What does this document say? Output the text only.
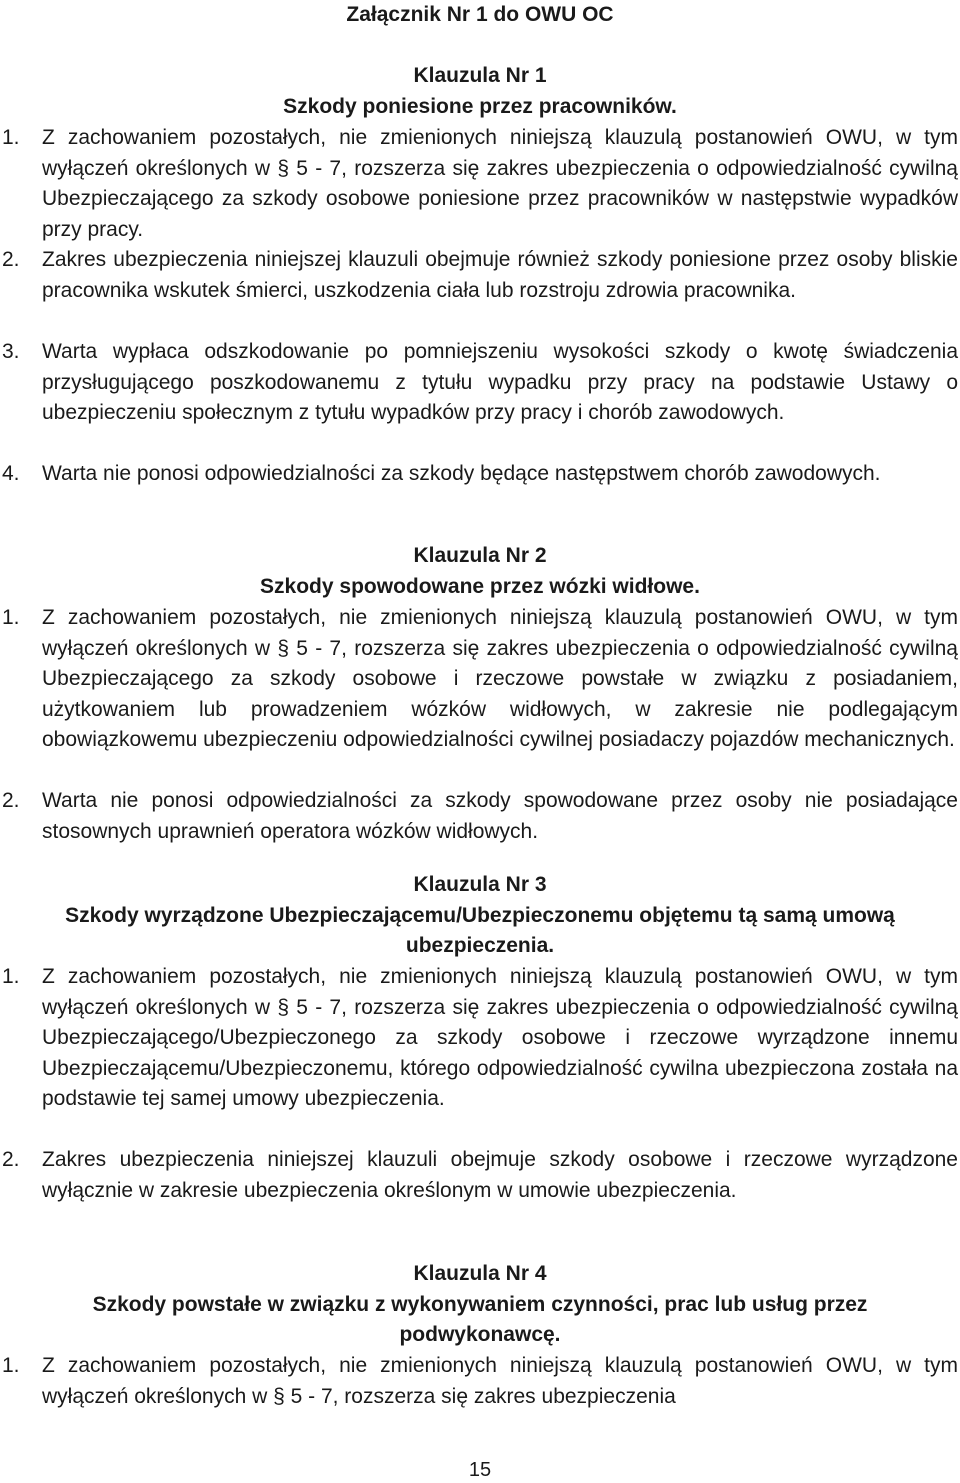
Załącznik Nr 1 do OWU OC
Klauzula Nr 1
Szkody poniesione przez pracowników.
1. Z zachowaniem pozostałych, nie zmienionych niniejszą klauzulą postanowień OWU, w tym wyłączeń określonych w § 5 - 7, rozszerza się zakres ubezpieczenia o odpowiedzialność cywilną Ubezpieczającego za szkody osobowe poniesione przez pracowników w następstwie wypadków przy pracy.
2. Zakres ubezpieczenia niniejszej klauzuli obejmuje również szkody poniesione przez osoby bliskie pracownika wskutek śmierci, uszkodzenia ciała lub rozstroju zdrowia pracownika.
3. Warta wypłaca odszkodowanie po pomniejszeniu wysokości szkody o kwotę świadczenia przysługującego poszkodowanemu z tytułu wypadku przy pracy na podstawie Ustawy o ubezpieczeniu społecznym z tytułu wypadków przy pracy i chorób zawodowych.
4. Warta nie ponosi odpowiedzialności za szkody będące następstwem chorób zawodowych.
Klauzula Nr 2
Szkody spowodowane przez wózki widłowe.
1. Z zachowaniem pozostałych, nie zmienionych niniejszą klauzulą postanowień OWU, w tym wyłączeń określonych w § 5 - 7, rozszerza się zakres ubezpieczenia o odpowiedzialność cywilną Ubezpieczającego za szkody osobowe i rzeczowe powstałe w związku z posiadaniem, użytkowaniem lub prowadzeniem wózków widłowych, w zakresie nie podlegającym obowiązkowemu ubezpieczeniu odpowiedzialności cywilnej posiadaczy pojazdów mechanicznych.
2. Warta nie ponosi odpowiedzialności za szkody spowodowane przez osoby nie posiadające stosownych uprawnień operatora wózków widłowych.
Klauzula Nr 3
Szkody wyrządzone Ubezpieczającemu/Ubezpieczonemu objętemu tą samą umową ubezpieczenia.
1. Z zachowaniem pozostałych, nie zmienionych niniejszą klauzulą postanowień OWU, w tym wyłączeń określonych w § 5 - 7, rozszerza się zakres ubezpieczenia o odpowiedzialność cywilną Ubezpieczającego/Ubezpieczonego za szkody osobowe i rzeczowe wyrządzone innemu Ubezpieczającemu/Ubezpieczonemu, którego odpowiedzialność cywilna ubezpieczona została na podstawie tej samej umowy ubezpieczenia.
2. Zakres ubezpieczenia niniejszej klauzuli obejmuje szkody osobowe i rzeczowe wyrządzone wyłącznie w zakresie ubezpieczenia określonym w umowie ubezpieczenia.
Klauzula Nr 4
Szkody powstałe w związku z wykonywaniem czynności, prac lub usług przez podwykonawcę.
1. Z zachowaniem pozostałych, nie zmienionych niniejszą klauzulą postanowień OWU, w tym wyłączeń określonych w § 5 - 7, rozszerza się zakres ubezpieczenia
15
